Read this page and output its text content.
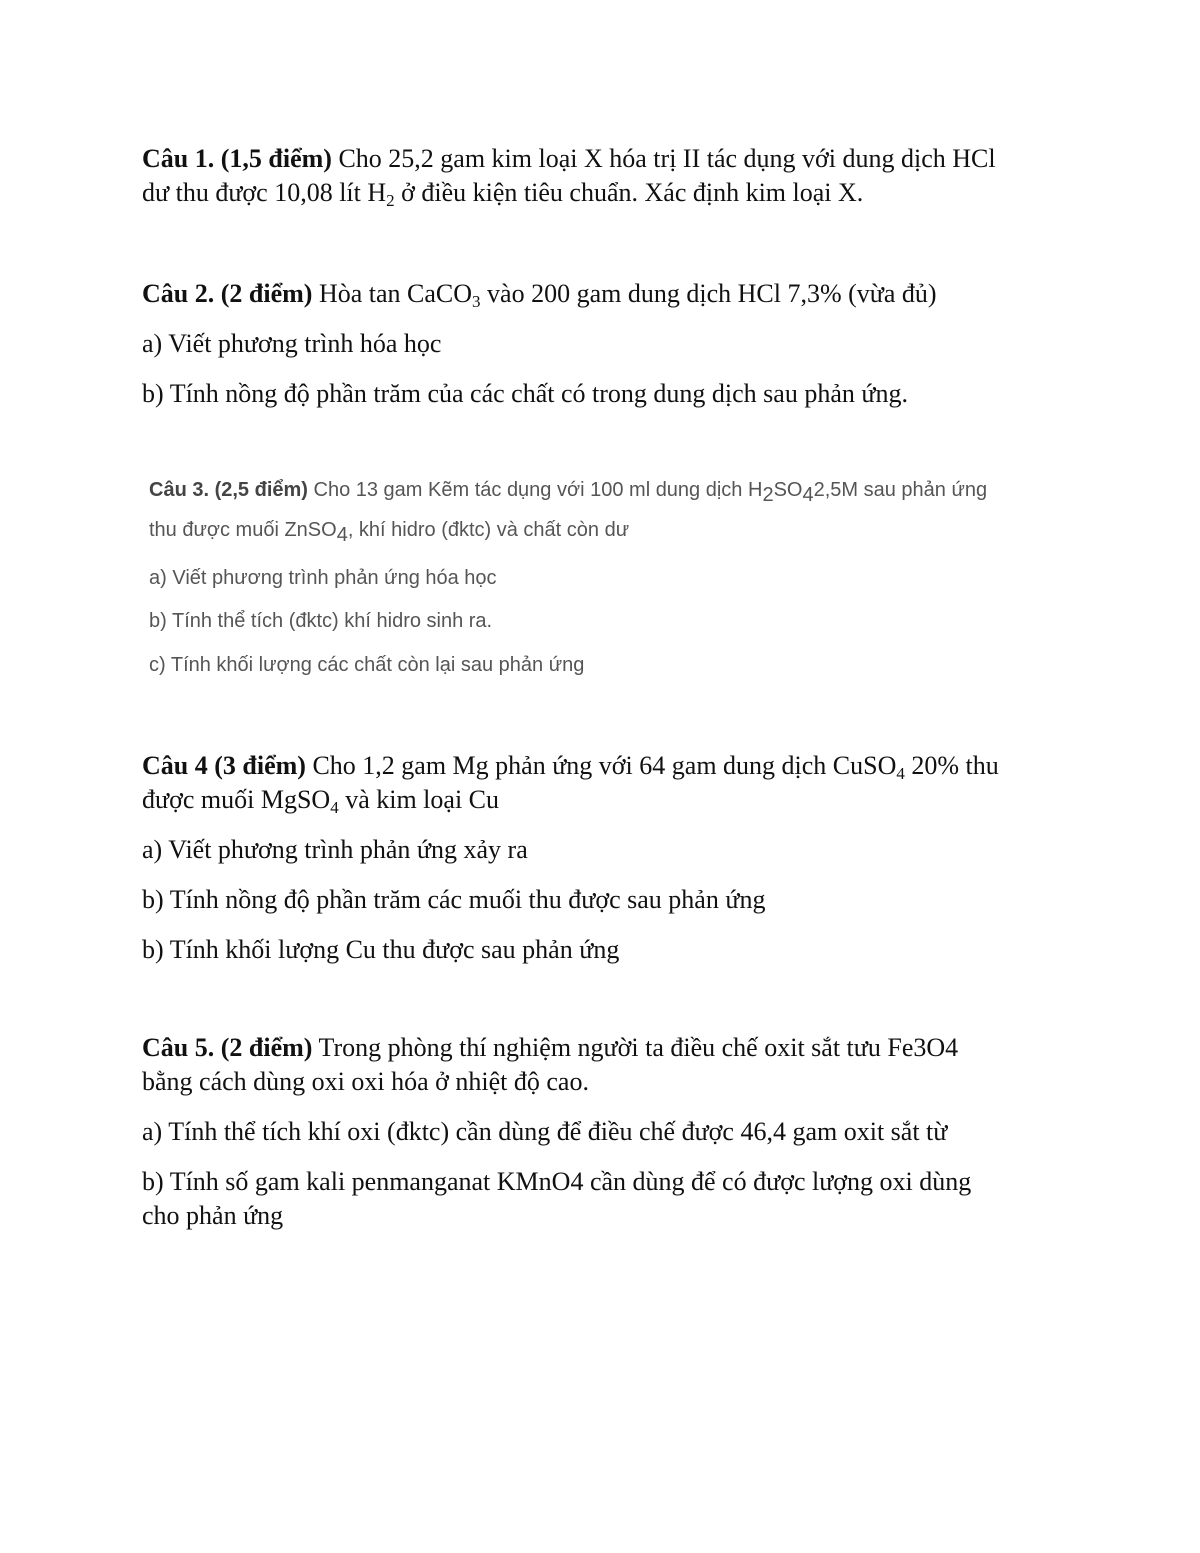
Câu 1. (1,5 điểm) Cho 25,2 gam kim loại X hóa trị II tác dụng với dung dịch HCl
dư thu được 10,08 lít $H_2$ ở điều kiện tiêu chuẩn. Xác định kim loại X.
Câu 2. (2 điểm) Hòa tan CaCO$_3$ vào 200 gam dung dịch HCl 7,3% (vừa đủ)
a) Viết phương trình hóa học
b) Tính nồng độ phần trăm của các chất có trong dung dịch sau phản ứng.
Câu 3. (2,5 điểm) Cho 13 gam Kẽm tác dụng với 100 ml dung dịch $H_2SO_42,5M$ sau phản ứng
thu được muối ZnSO$_4$, khí hidro (đktc) và chất còn dư
a) Viết phương trình phản ứng hóa học
b) Tính thể tích (đktc) khí hidro sinh ra.
c) Tính khối lượng các chất còn lại sau phản ứng
Câu 4 (3 điểm) Cho 1,2 gam Mg phản ứng với 64 gam dung dịch CuSO$_4$ 20% thu
được muối MgSO$_4$ và kim loại Cu
a) Viết phương trình phản ứng xảy ra
b) Tính nồng độ phần trăm các muối thu được sau phản ứng
b) Tính khối lượng Cu thu được sau phản ứng
Câu 5. (2 điểm) Trong phòng thí nghiệm người ta điều chế oxit sắt tưu Fe3O4
bằng cách dùng oxi oxi hóa ở nhiệt độ cao.
a) Tính thể tích khí oxi (đktc) cần dùng để điều chế được 46,4 gam oxit sắt từ
b) Tính số gam kali penmanganat KMnO4 cần dùng để có được lượng oxi dùng
cho phản ứng
